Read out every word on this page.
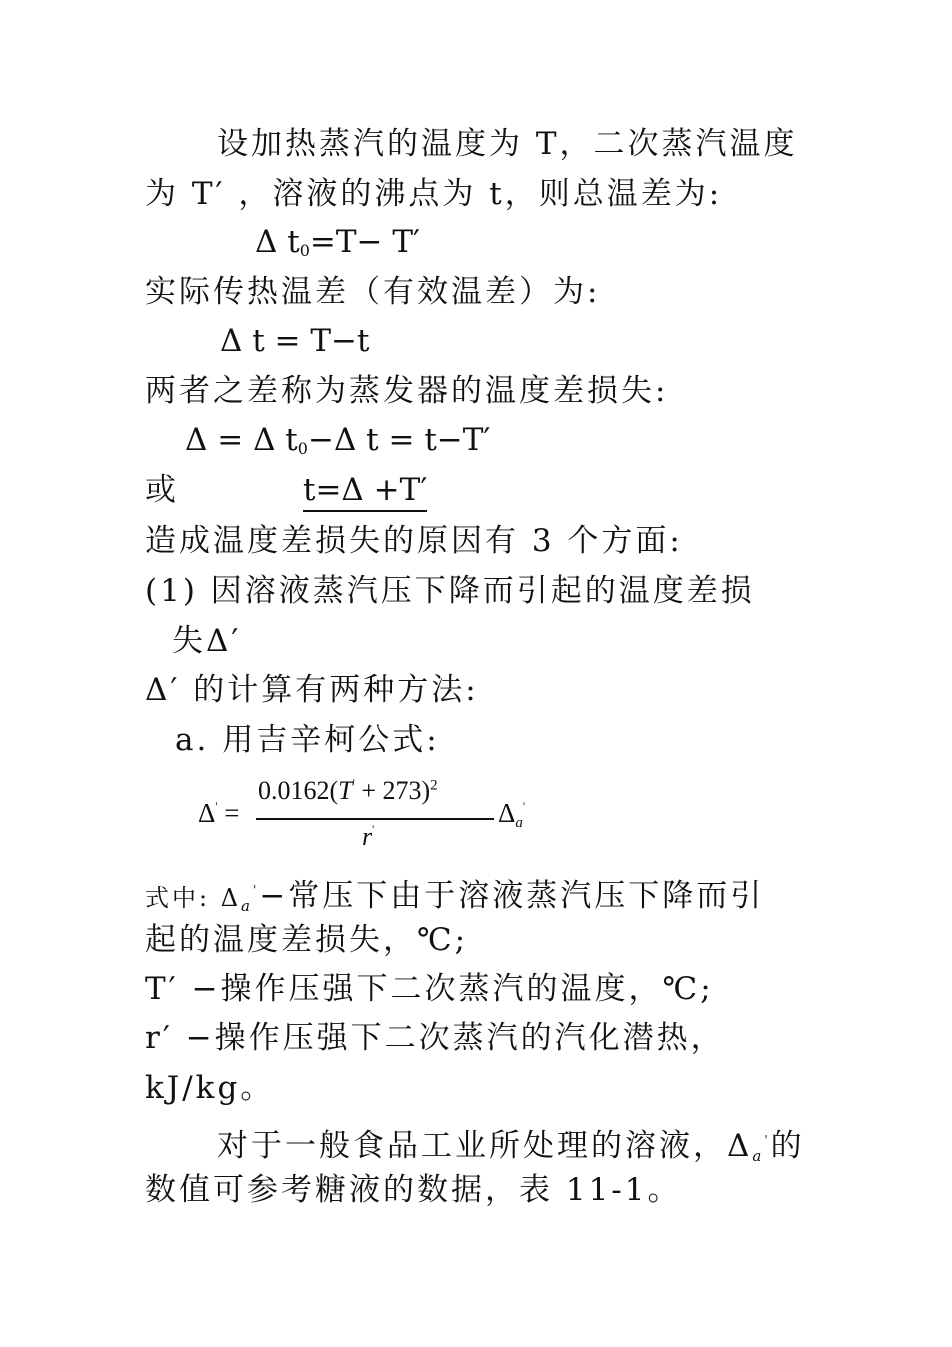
设加热蒸汽的温度为 T，二次蒸汽温度
为 T′ ，溶液的沸点为 t，则总温差为:
Δ $t_0=T- T'$
实际传热温差（有效温差）为:
Δ t = T−t
两者之差称为蒸发器的温度差损失:
Δ = Δ $t_0-\Delta$ t = t−T′
或	t=Δ +T′
造成温度差损失的原因有 3 个方面:
(1) 因溶液蒸汽压下降而引起的温度差损
失Δ′
Δ′ 的计算有两种方法:
a. 用吉辛柯公式:
Δ' =
$0.0162(T' + 273)^2$
r'
Δa'
式中: Δa'−常压下由于溶液蒸汽压下降而引
起的温度差损失，℃;
T′ −操作压强下二次蒸汽的温度，℃;
r′ −操作压强下二次蒸汽的汽化潜热，
kJ/kg。
对于一般食品工业所处理的溶液，Δa'的
数值可参考糖液的数据，表 11-1。
